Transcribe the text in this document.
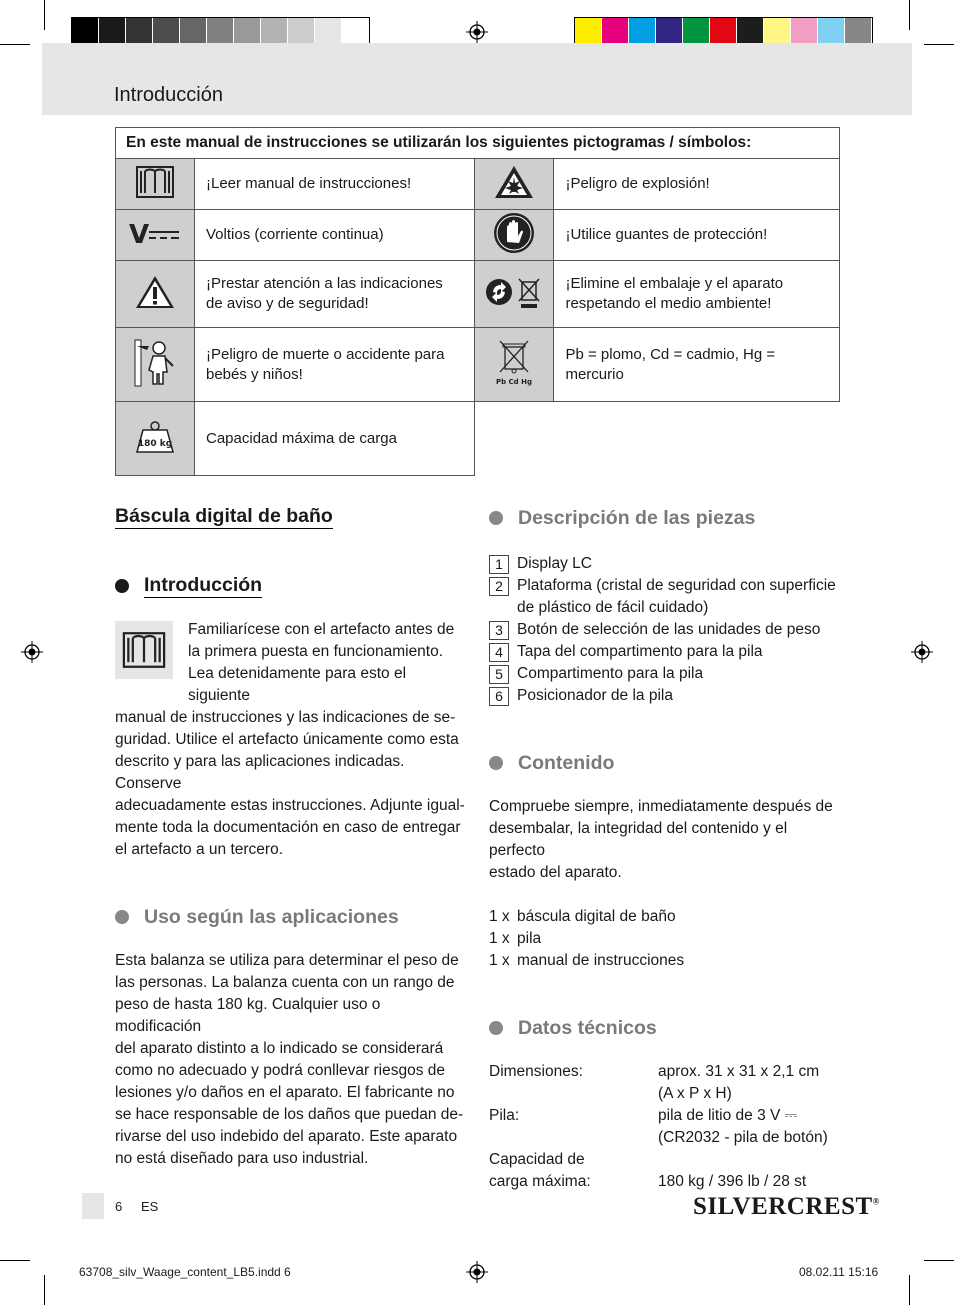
Introducción
En este manual de instrucciones se utilizarán los siguientes pictogramas / símbolos:			
	¡Leer manual de instrucciones!		¡Peligro de explosión!

V	Voltios (corriente continua)		¡Utilice guantes de protección!
	¡Prestar atención a las indicaciones de aviso y de seguridad!		¡Elimine el embalaje y el aparato respetando el medio ambiente!
	¡Peligro de muerte o accidente para bebés y niños!	Pb Cd Hg	Pb = plomo, Cd = cadmio, Hg = mercurio

180 kg	Capacidad máxima de carga		
Báscula digital de baño
Introducción
Familiarícese con el artefacto antes de
la primera puesta en funcionamiento.
Lea detenidamente para esto el siguiente
manual de instrucciones y las indicaciones de se-
guridad. Utilice el artefacto únicamente como esta
descrito y para las aplicaciones indicadas. Conserve
adecuadamente estas instrucciones. Adjunte igual-
mente toda la documentación en caso de entregar
el artefacto a un tercero.
Uso según las aplicaciones
Esta balanza se utiliza para determinar el peso de
las personas. La balanza cuenta con un rango de
peso de hasta 180 kg. Cualquier uso o modificación
del aparato distinto a lo indicado se considerará
como no adecuado y podrá conllevar riesgos de
lesiones y/o daños en el aparato. El fabricante no
se hace responsable de los daños que puedan de-
rivarse del uso indebido del aparato. Este aparato
no está diseñado para uso industrial.
Descripción de las piezas
1 Display LC
2 Plataforma (cristal de seguridad con superficie
de plástico de fácil cuidado)
3 Botón de selección de las unidades de peso
4 Tapa del compartimento para la pila
5 Compartimento para la pila
6 Posicionador de la pila
Contenido
Compruebe siempre, inmediatamente después de
desembalar, la integridad del contenido y el perfecto
estado del aparato.
1 x báscula digital de baño
1 x pila
1 x manual de instrucciones
Datos técnicos
Dimensiones:	aprox. 31 x 31 x 2,1 cm
(A x P x H)
Pila:	pila de litio de 3 V ⎓
(CR2032 - pila de botón)
Capacidad de
carga máxima:	180 kg / 396 lb / 28 st
6 ES	SILVERCREST®
63708_silv_Waage_content_LB5.indd 6	08.02.11 15:16
